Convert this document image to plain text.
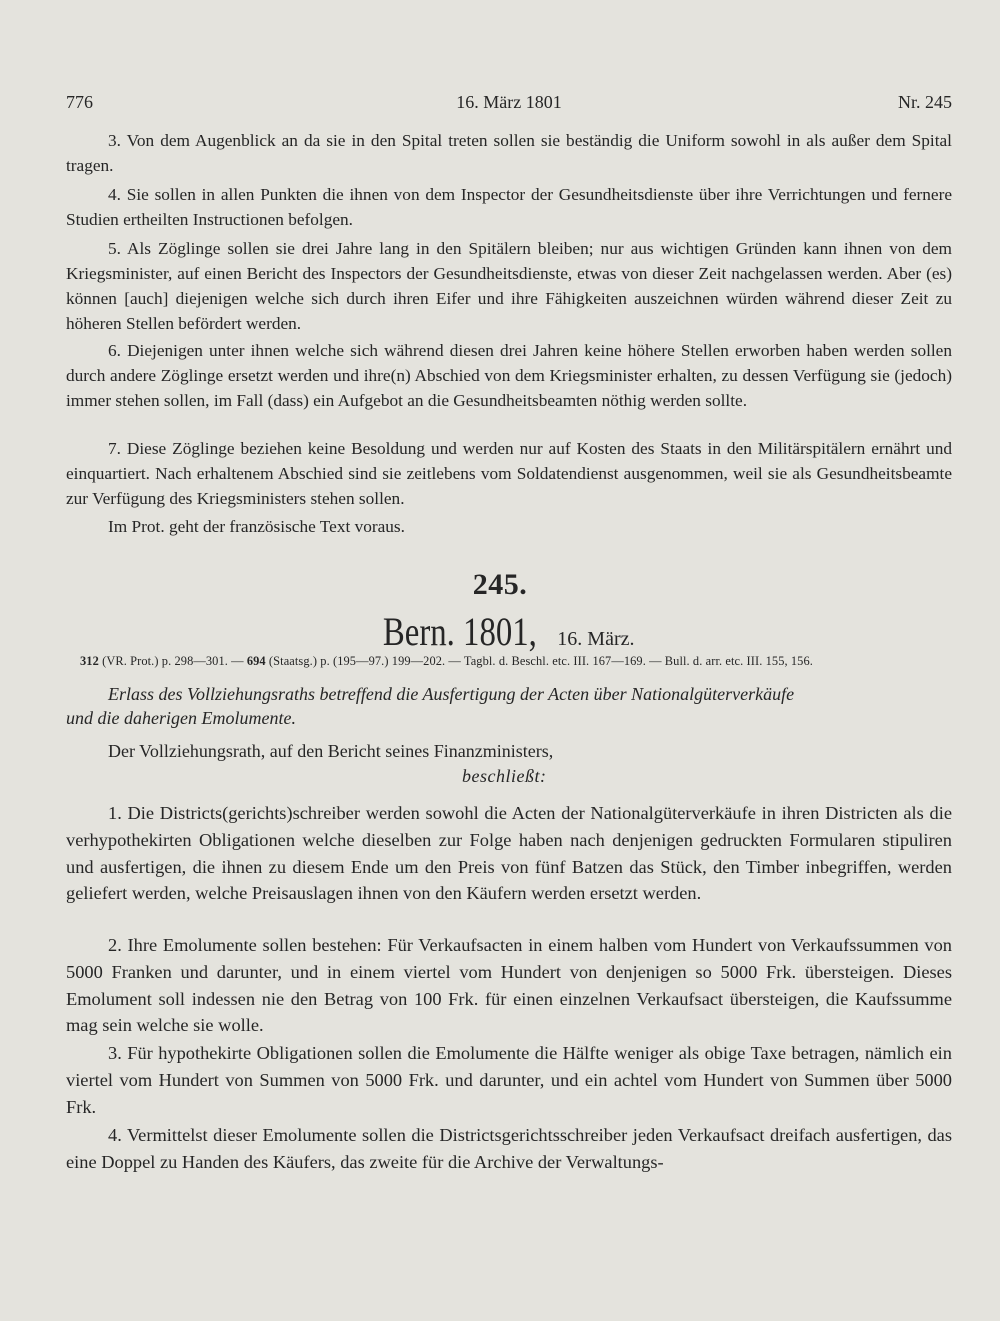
776	16. März 1801	Nr. 245

3. Von dem Augenblick an da sie in den Spital treten sollen sie beständig die Uniform sowohl in als außer dem Spital tragen.

4. Sie sollen in allen Punkten die ihnen von dem Inspector der Gesundheitsdienste über ihre Verrichtungen und fernere Studien ertheilten Instructionen befolgen.

5. Als Zöglinge sollen sie drei Jahre lang in den Spitälern bleiben; nur aus wichtigen Gründen kann ihnen von dem Kriegsminister, auf einen Bericht des Inspectors der Gesundheitsdienste, etwas von dieser Zeit nachgelassen werden. Aber (es) können [auch] diejenigen welche sich durch ihren Eifer und ihre Fähigkeiten auszeichnen würden während dieser Zeit zu höheren Stellen befördert werden.

6. Diejenigen unter ihnen welche sich während diesen drei Jahren keine höhere Stellen erworben haben werden sollen durch andere Zöglinge ersetzt werden und ihre(n) Abschied von dem Kriegsminister erhalten, zu dessen Verfügung sie (jedoch) immer stehen sollen, im Fall (dass) ein Aufgebot an die Gesundheitsbeamten nöthig werden sollte.

7. Diese Zöglinge beziehen keine Besoldung und werden nur auf Kosten des Staats in den Militärspitälern ernährt und einquartiert. Nach erhaltenem Abschied sind sie zeitlebens vom Soldatendienst ausgenommen, weil sie als Gesundheitsbeamte zur Verfügung des Kriegsministers stehen sollen.

Im Prot. geht der französische Text voraus.

245.
Bern. 1801, 16. März.
312 (VR. Prot.) p. 298—301. — 694 (Staatsg.) p. (195—97.) 199—202. — Tagbl. d. Beschl. etc. III. 167—169. — Bull. d. arr. etc. III. 155, 156.

Erlass des Vollziehungsraths betreffend die Ausfertigung der Acten über Nationalgüterverkäufe
und die daherigen Emolumente.

Der Vollziehungsrath, auf den Bericht seines Finanzministers,

beschließt:

1. Die Districts(gerichts)schreiber werden sowohl die Acten der Nationalgüterverkäufe in ihren Districten als die verhypothekirten Obligationen welche dieselben zur Folge haben nach denjenigen gedruckten Formularen stipuliren und ausfertigen, die ihnen zu diesem Ende um den Preis von fünf Batzen das Stück, den Timber inbegriffen, werden geliefert werden, welche Preisauslagen ihnen von den Käufern werden ersetzt werden.

2. Ihre Emolumente sollen bestehen: Für Verkaufsacten in einem halben vom Hundert von Verkaufssummen von 5000 Franken und darunter, und in einem viertel vom Hundert von denjenigen so 5000 Frk. übersteigen. Dieses Emolument soll indessen nie den Betrag von 100 Frk. für einen einzelnen Verkaufsact übersteigen, die Kaufssumme mag sein welche sie wolle.

3. Für hypothekirte Obligationen sollen die Emolumente die Hälfte weniger als obige Taxe betragen, nämlich ein viertel vom Hundert von Summen von 5000 Frk. und darunter, und ein achtel vom Hundert von Summen über 5000 Frk.

4. Vermittelst dieser Emolumente sollen die Districtsgerichtsschreiber jeden Verkaufsact dreifach ausfertigen, das eine Doppel zu Handen des Käufers, das zweite für die Archive der Verwaltungs-
